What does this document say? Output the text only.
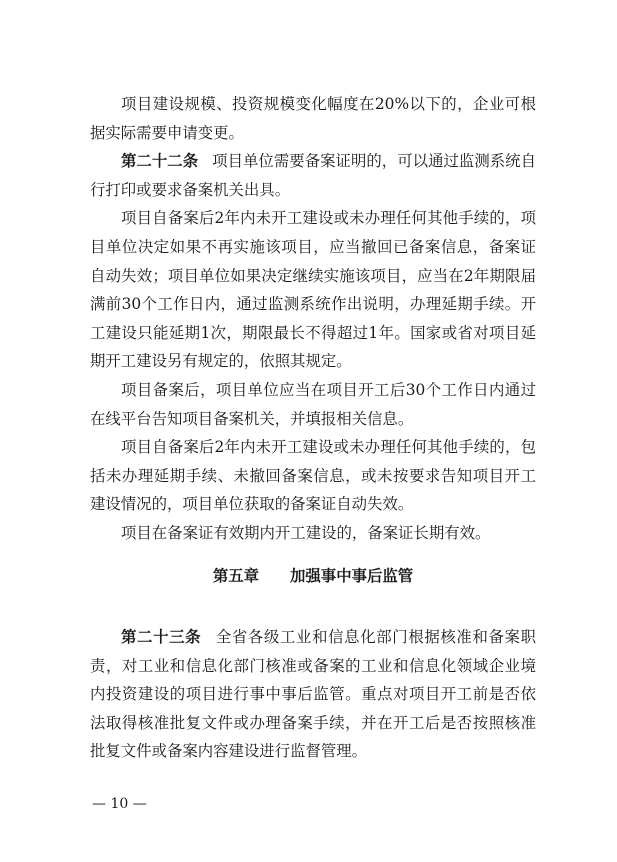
项目建设规模、投资规模变化幅度在20%以下的，企业可根据实际需要申请变更。

第二十二条 项目单位需要备案证明的，可以通过监测系统自行打印或要求备案机关出具。

项目自备案后2年内未开工建设或未办理任何其他手续的，项目单位决定如果不再实施该项目，应当撤回已备案信息，备案证自动失效；项目单位如果决定继续实施该项目，应当在2年期限届满前30个工作日内，通过监测系统作出说明，办理延期手续。开工建设只能延期1次，期限最长不得超过1年。国家或省对项目延期开工建设另有规定的，依照其规定。

项目备案后，项目单位应当在项目开工后30个工作日内通过在线平台告知项目备案机关，并填报相关信息。

项目自备案后2年内未开工建设或未办理任何其他手续的，包括未办理延期手续、未撤回备案信息，或未按要求告知项目开工建设情况的，项目单位获取的备案证自动失效。

项目在备案证有效期内开工建设的，备案证长期有效。

第五章 加强事中事后监管

第二十三条 全省各级工业和信息化部门根据核准和备案职责，对工业和信息化部门核准或备案的工业和信息化领域企业境内投资建设的项目进行事中事后监管。重点对项目开工前是否依法取得核准批复文件或办理备案手续，并在开工后是否按照核准批复文件或备案内容建设进行监督管理。

— 10 —
